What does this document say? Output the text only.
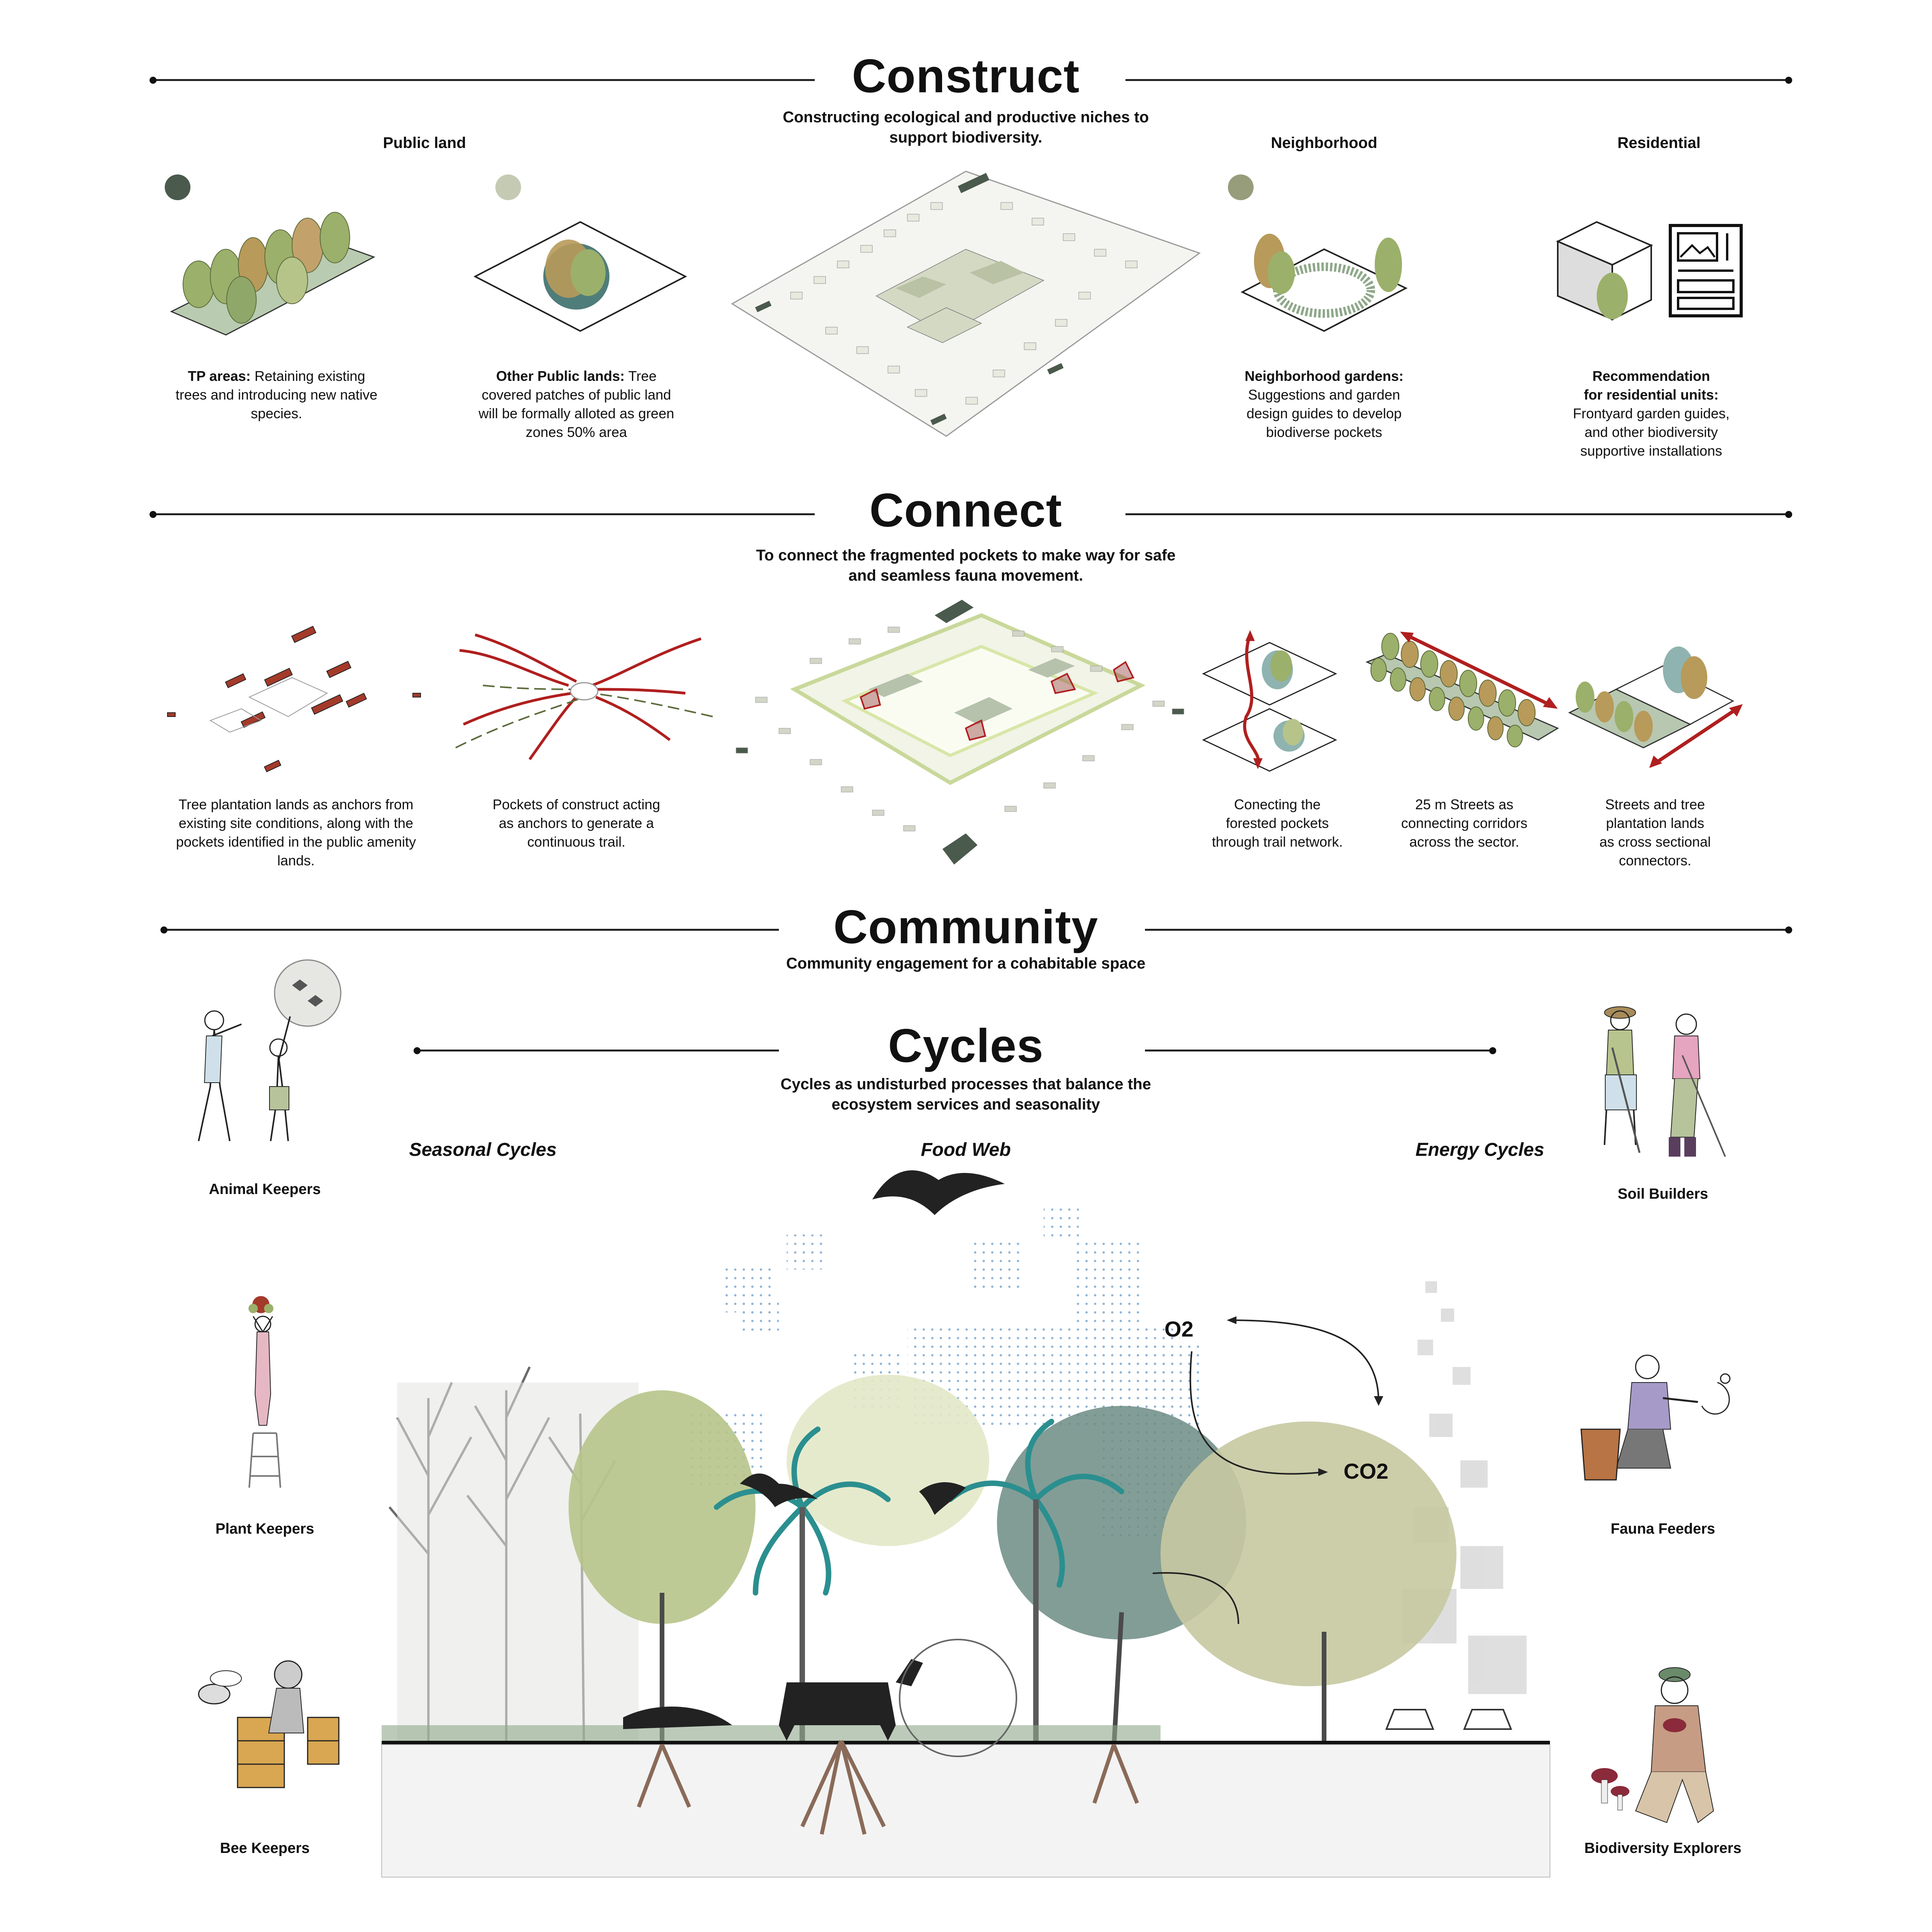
Construct
Constructing ecological and productive niches to
support biodiversity.
Public land	Neighborhood	Residential
TP areas: Retaining existing
trees and introducing new native
species.
Other Public lands: Tree
covered patches of public land
will be formally alloted as green
zones 50% area
Neighborhood gardens:
Suggestions and garden
design guides to develop
biodiverse pockets
Recommendation
for residential units:
Frontyard garden guides,
and other biodiversity
supportive installations
Connect
To connect the fragmented pockets to make way for safe
and seamless fauna movement.
Tree plantation lands as anchors from
existing site conditions, along with the
pockets identified in the public amenity
lands.
Pockets of construct acting
as anchors to generate a
continuous trail.
Conecting the
forested pockets
through trail network.
25 m Streets as
connecting corridors
across the sector.
Streets and tree
plantation lands
as cross sectional
connectors.
Community
Community engagement for a cohabitable space
Cycles
Cycles as undisturbed processes that balance the
ecosystem services and seasonality
Seasonal Cycles	Food Web	Energy Cycles
Animal Keepers
Plant Keepers
Bee Keepers
Soil Builders
Fauna Feeders
Biodiversity Explorers
O2
CO2
